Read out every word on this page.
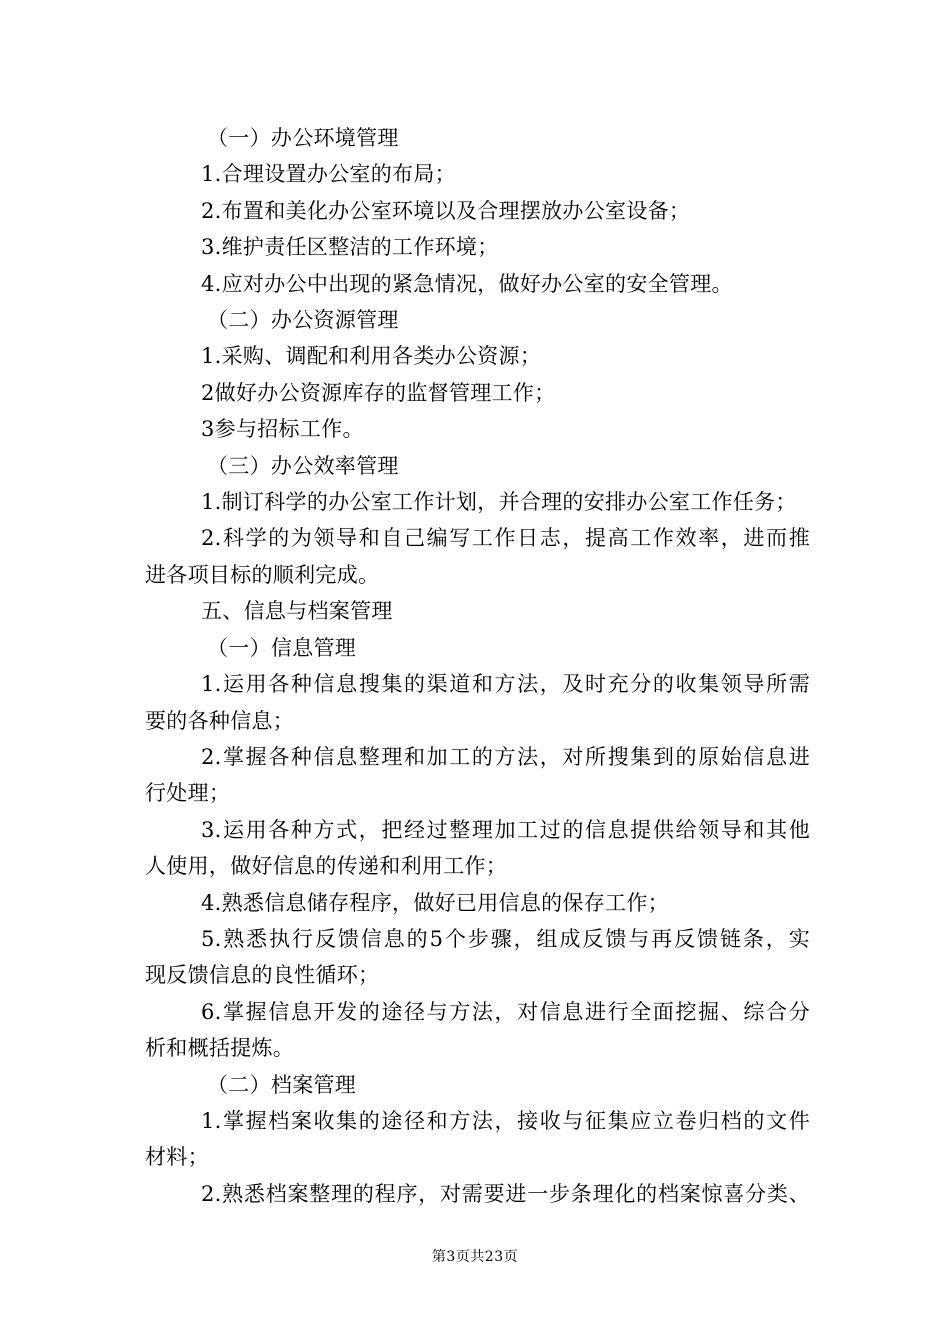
（一）办公环境管理

1.合理设置办公室的布局；

2.布置和美化办公室环境以及合理摆放办公室设备；

3.维护责任区整洁的工作环境；

4.应对办公中出现的紧急情况，做好办公室的安全管理。

（二）办公资源管理

1.采购、调配和利用各类办公资源；

2做好办公资源库存的监督管理工作；

3参与招标工作。

（三）办公效率管理

1.制订科学的办公室工作计划，并合理的安排办公室工作任务；

2.科学的为领导和自己编写工作日志，提高工作效率，进而推

进各项目标的顺利完成。

五、信息与档案管理

（一）信息管理

1.运用各种信息搜集的渠道和方法，及时充分的收集领导所需

要的各种信息；

2.掌握各种信息整理和加工的方法，对所搜集到的原始信息进

行处理；

3.运用各种方式，把经过整理加工过的信息提供给领导和其他

人使用，做好信息的传递和利用工作；

4.熟悉信息储存程序，做好已用信息的保存工作；

5.熟悉执行反馈信息的5个步骤，组成反馈与再反馈链条，实

现反馈信息的良性循环；

6.掌握信息开发的途径与方法，对信息进行全面挖掘、综合分

析和概括提炼。

（二）档案管理

1.掌握档案收集的途径和方法，接收与征集应立卷归档的文件

材料；

2.熟悉档案整理的程序，对需要进一步条理化的档案惊喜分类、

第3页共23页
